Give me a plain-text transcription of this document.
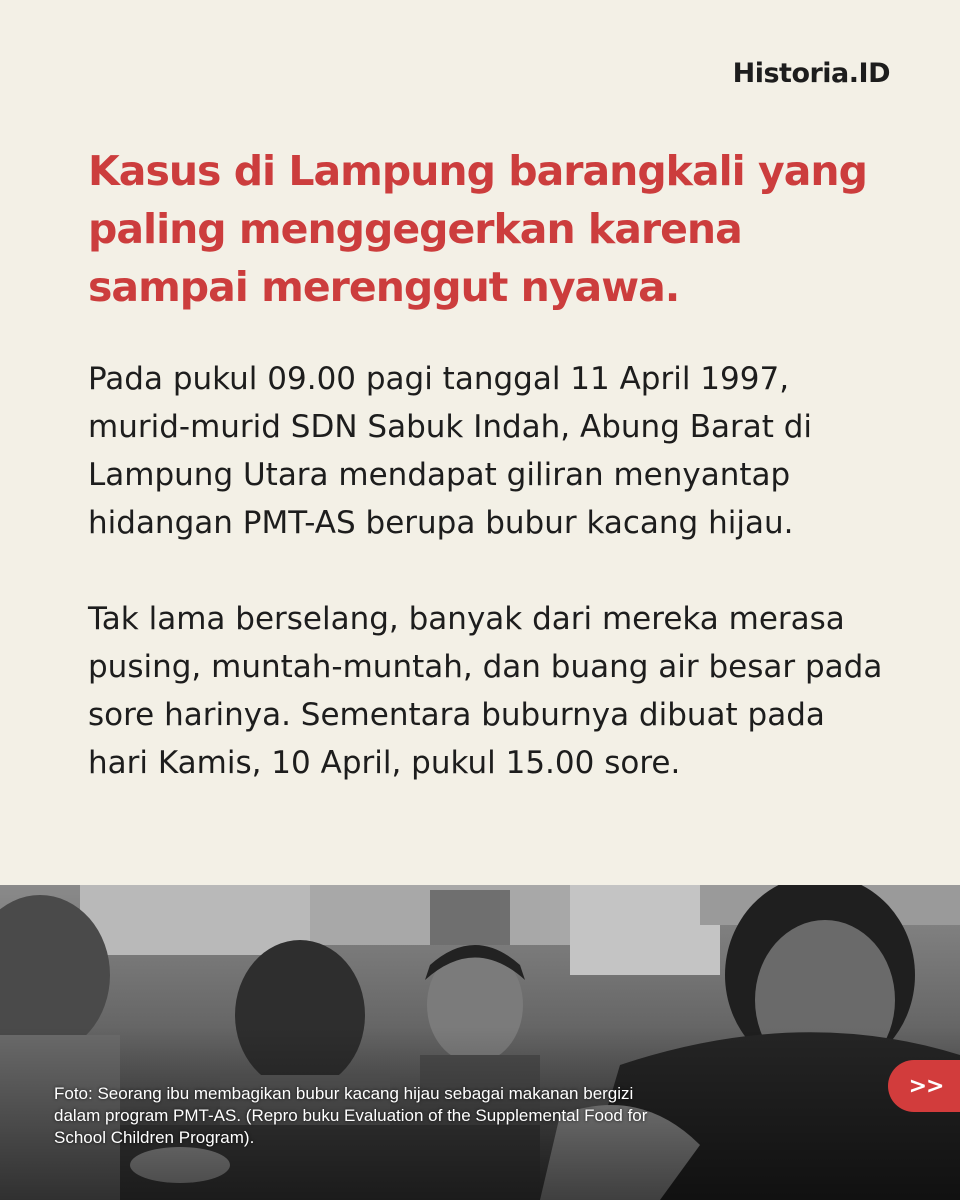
Historia.ID
Kasus di Lampung barangkali yang paling menggegerkan karena sampai merenggut nyawa.

Pada pukul 09.00 pagi tanggal 11 April 1997, murid-murid SDN Sabuk Indah, Abung Barat di Lampung Utara mendapat giliran menyantap hidangan PMT-AS berupa bubur kacang hijau.

Tak lama berselang, banyak dari mereka merasa pusing, muntah-muntah, dan buang air besar pada sore harinya. Sementara buburnya dibuat pada hari Kamis, 10 April, pukul 15.00 sore.

Foto: Seorang ibu membagikan bubur kacang hijau sebagai makanan bergizi dalam program PMT-AS. (Repro buku Evaluation of the Supplemental Food for School Children Program).
>>
